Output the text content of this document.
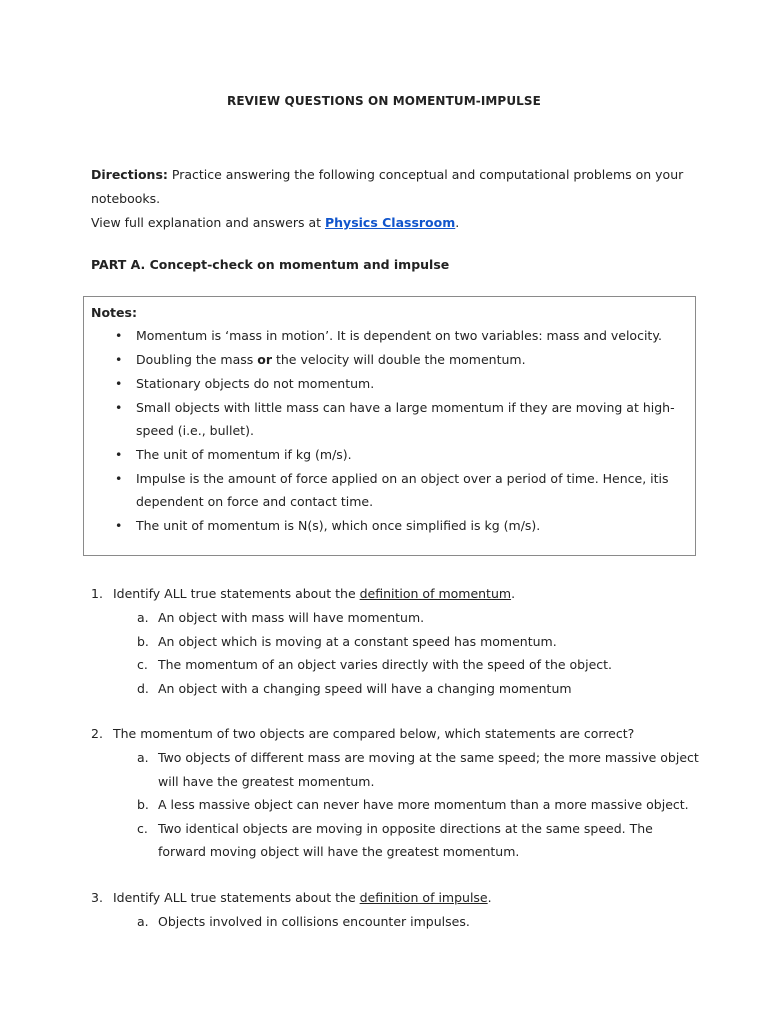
REVIEW QUESTIONS ON MOMENTUM-IMPULSE
Directions: Practice answering the following conceptual and computational problems on your notebooks.
View full explanation and answers at Physics Classroom.
PART A. Concept-check on momentum and impulse
Notes:
• Momentum is ‘mass in motion’. It is dependent on two variables: mass and velocity.
• Doubling the mass or the velocity will double the momentum.
• Stationary objects do not momentum.
• Small objects with little mass can have a large momentum if they are moving at high-speed (i.e., bullet).
• The unit of momentum if kg (m/s).
• Impulse is the amount of force applied on an object over a period of time. Hence, itis dependent on force and contact time.
• The unit of momentum is N(s), which once simplified is kg (m/s).
1. Identify ALL true statements about the definition of momentum.
a. An object with mass will have momentum.
b. An object which is moving at a constant speed has momentum.
c. The momentum of an object varies directly with the speed of the object.
d. An object with a changing speed will have a changing momentum
2. The momentum of two objects are compared below, which statements are correct?
a. Two objects of different mass are moving at the same speed; the more massive object will have the greatest momentum.
b. A less massive object can never have more momentum than a more massive object.
c. Two identical objects are moving in opposite directions at the same speed. The forward moving object will have the greatest momentum.
3. Identify ALL true statements about the definition of impulse.
a. Objects involved in collisions encounter impulses.
